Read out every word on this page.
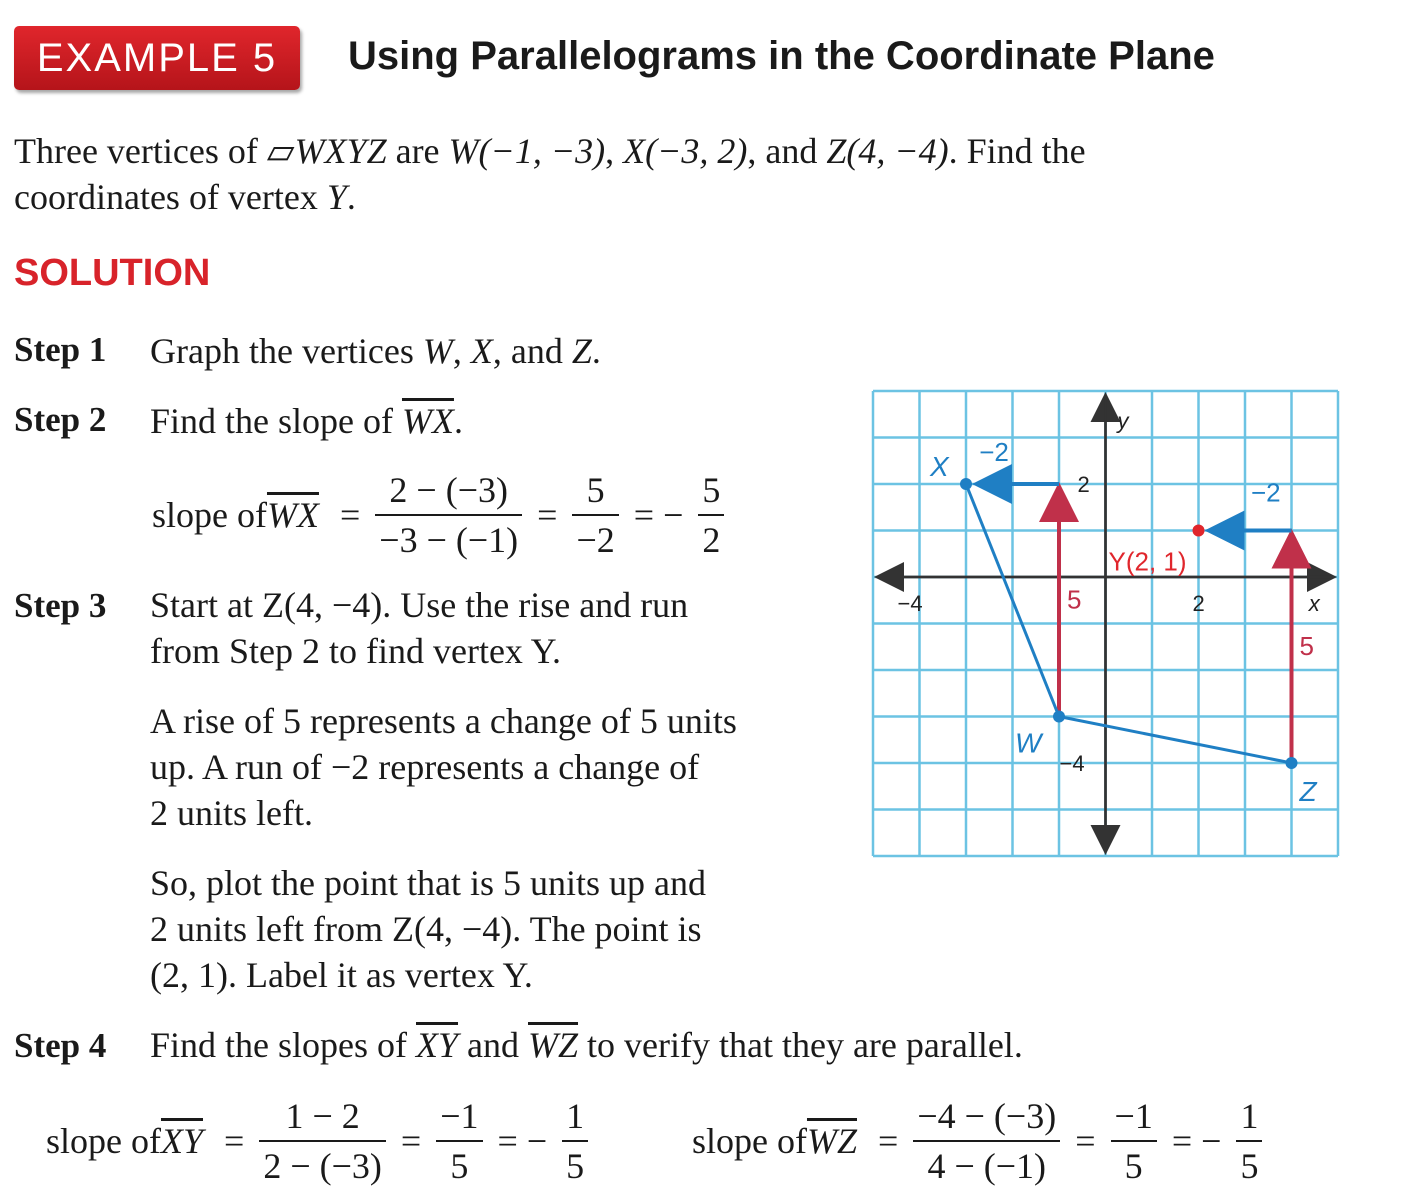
EXAMPLE 5	Using Parallelograms in the Coordinate Plane
Three vertices of ▱WXYZ are W(−1, −3), X(−3, 2), and Z(4, −4). Find the
coordinates of vertex Y.
SOLUTION
Step 1 Graph the vertices W, X, and Z.
Step 2 Find the slope of $\overline{WX}$.
slope $of\overline{WX} = \frac{2 - (-3)}{-3 - (-1)} = \frac{5}{-2}$ = − $\frac{5}{2}$
Step 3 Start at Z(4, −4). Use the rise and run
from Step 2 to find vertex Y.
A rise of 5 represents a change of 5 units
up. A run of −2 represents a change of
2 units left.
So, plot the point that is 5 units up and
2 units left from Z(4, −4). The point is
(2, 1). Label it as vertex Y.
Step 4 Find the slopes of $\overline{XY}$ and $\overline{WZ}$ to verify that they are parallel.
slope $of\overline{XY} = \frac{1 - 2}{2 - (-3)} = \frac{-1}{5}$ = − $\frac{1}{5}$	slope $of\overline{WZ} = \frac{-4 - (-3)}{4 - (-1)} = \frac{-1}{5}$ = − $\frac{1}{5}$
x
y
−4	2
2
−4
X
W
Z
Y(2, 1)
−2
−2
5
5
